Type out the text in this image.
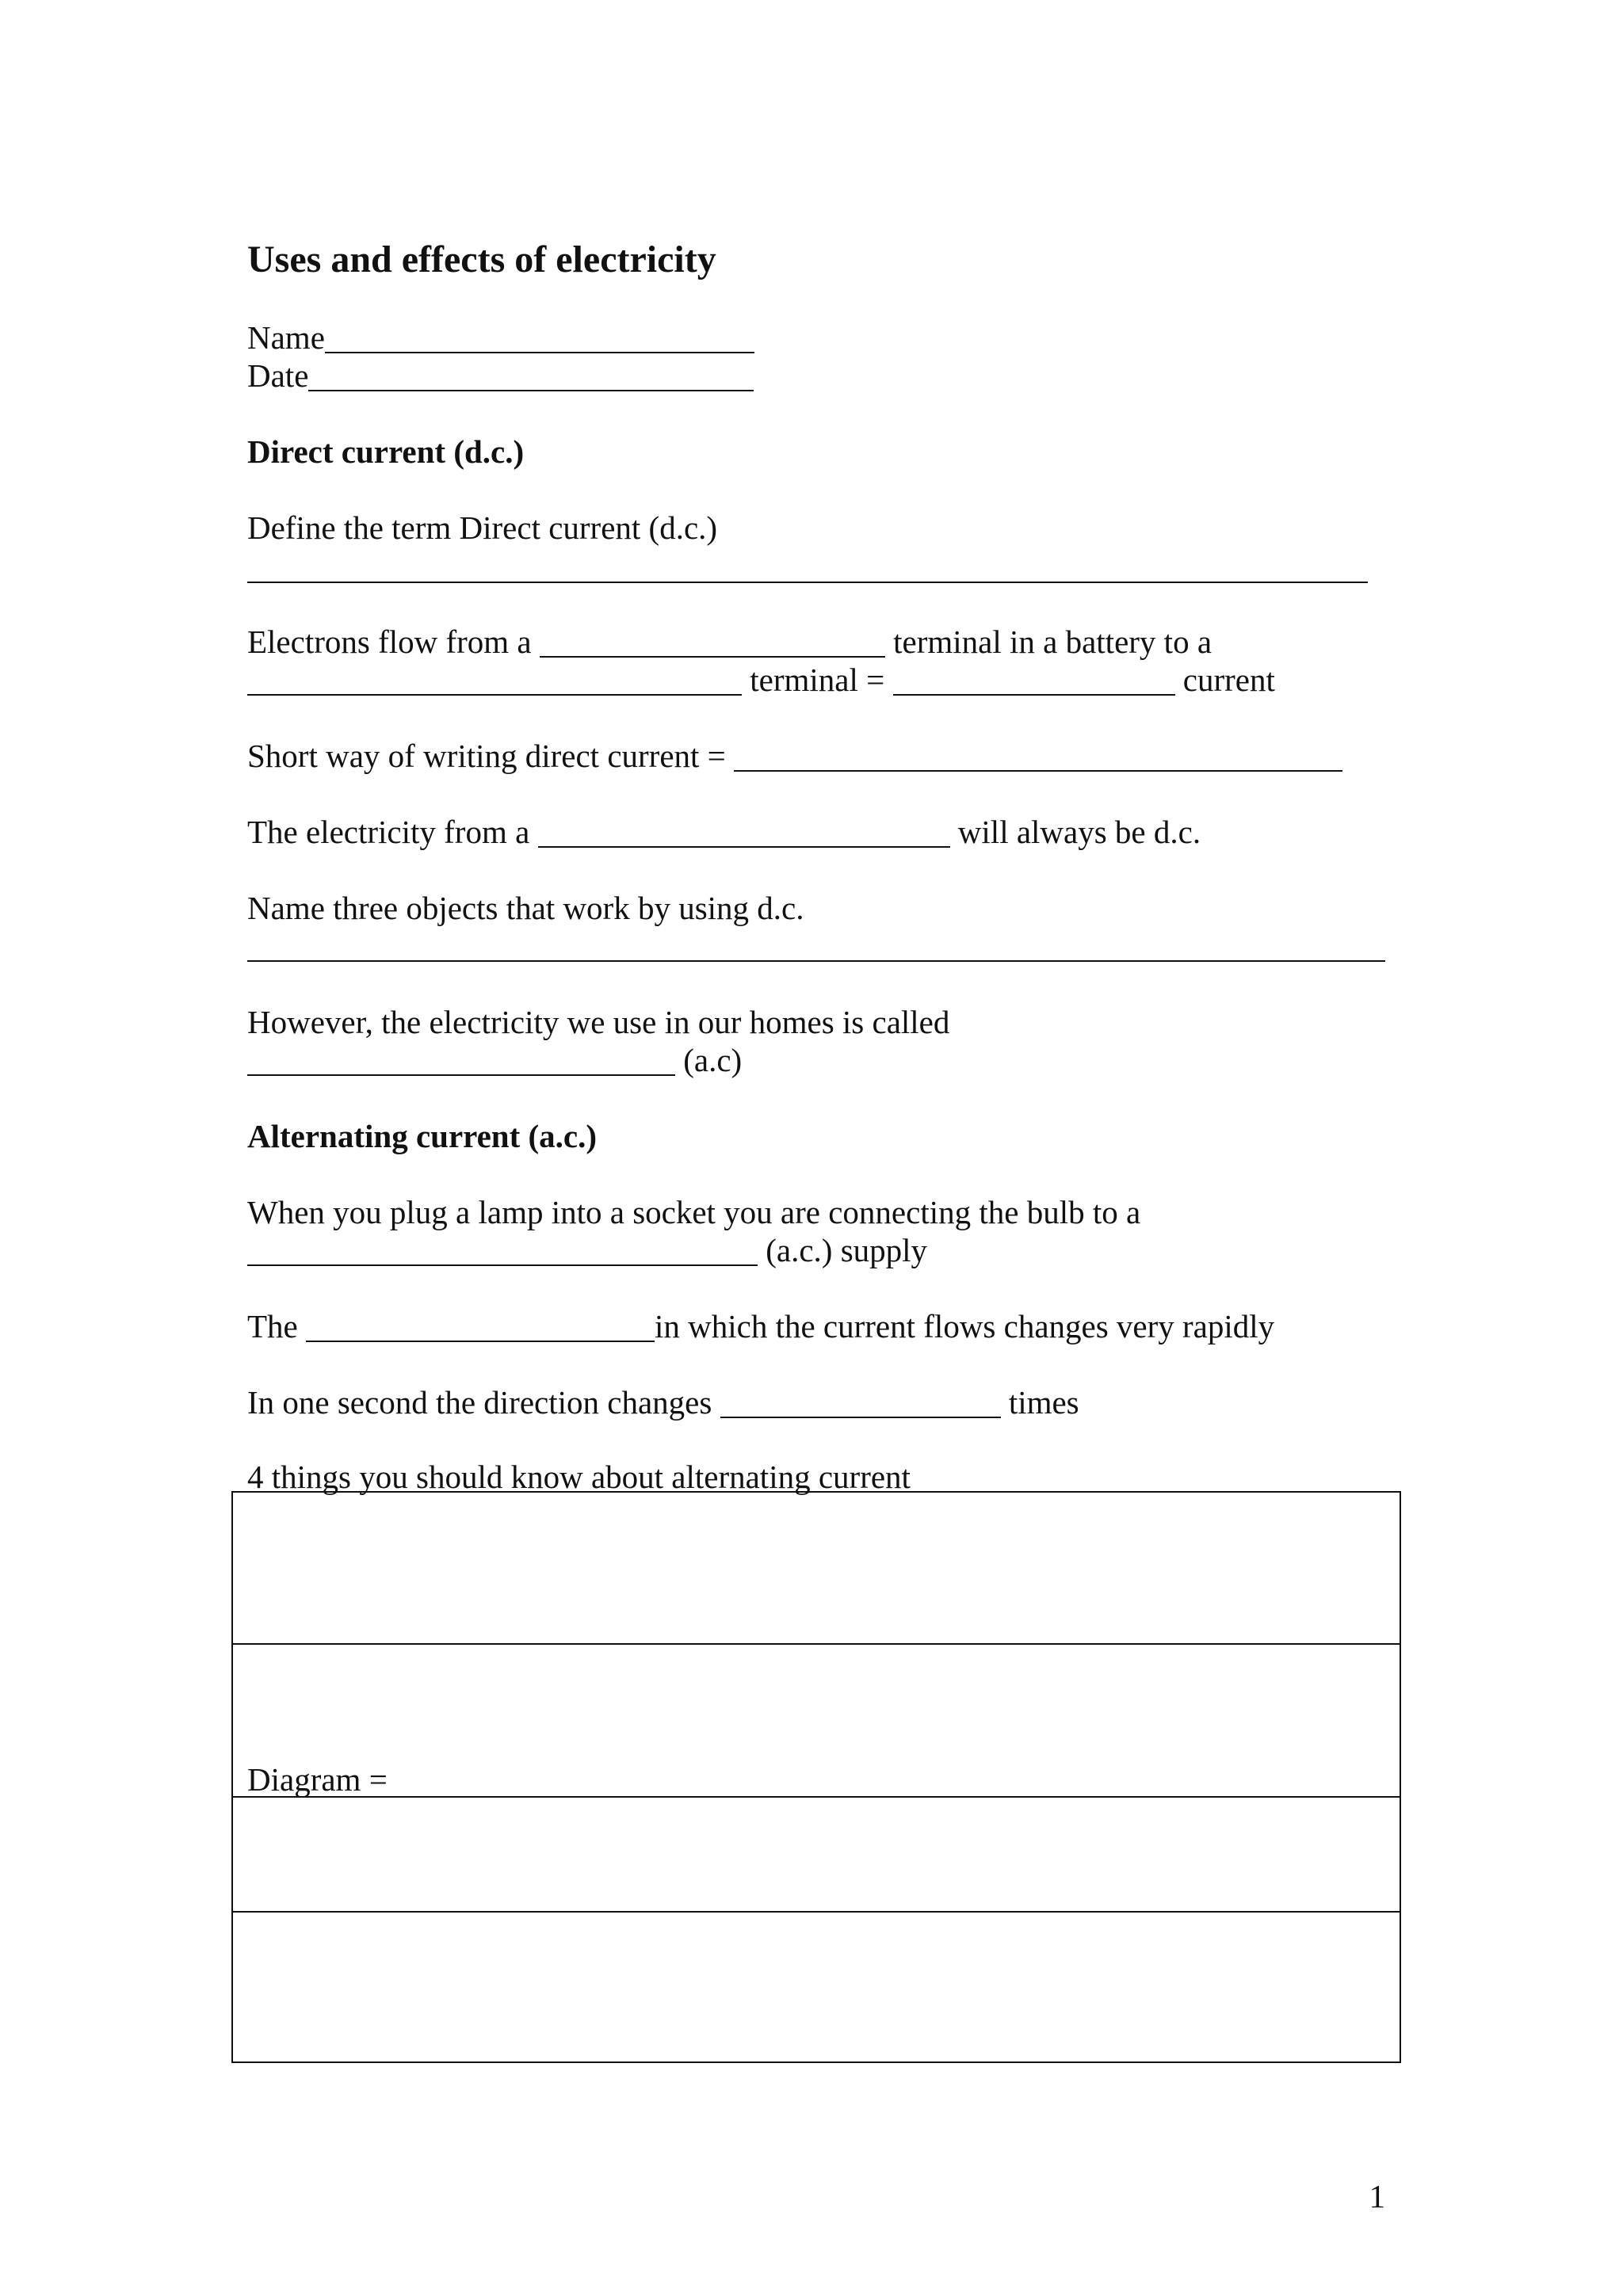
Uses and effects of electricity
Name
Date
Direct current (d.c.)
Define the term Direct current (d.c.)
Electrons flow from a	terminal in a battery to a
terminal =	current
Short way of writing direct current =
The electricity from a	will always be d.c.
Name three objects that work by using d.c.
However, the electricity we use in our homes is called
(a.c)
Alternating current (a.c.)
When you plug a lamp into a socket you are connecting the bulb to a
(a.c.) supply
The	in which the current flows changes very rapidly
In one second the direction changes	times
4 things you should know about alternating current
Diagram =
1
